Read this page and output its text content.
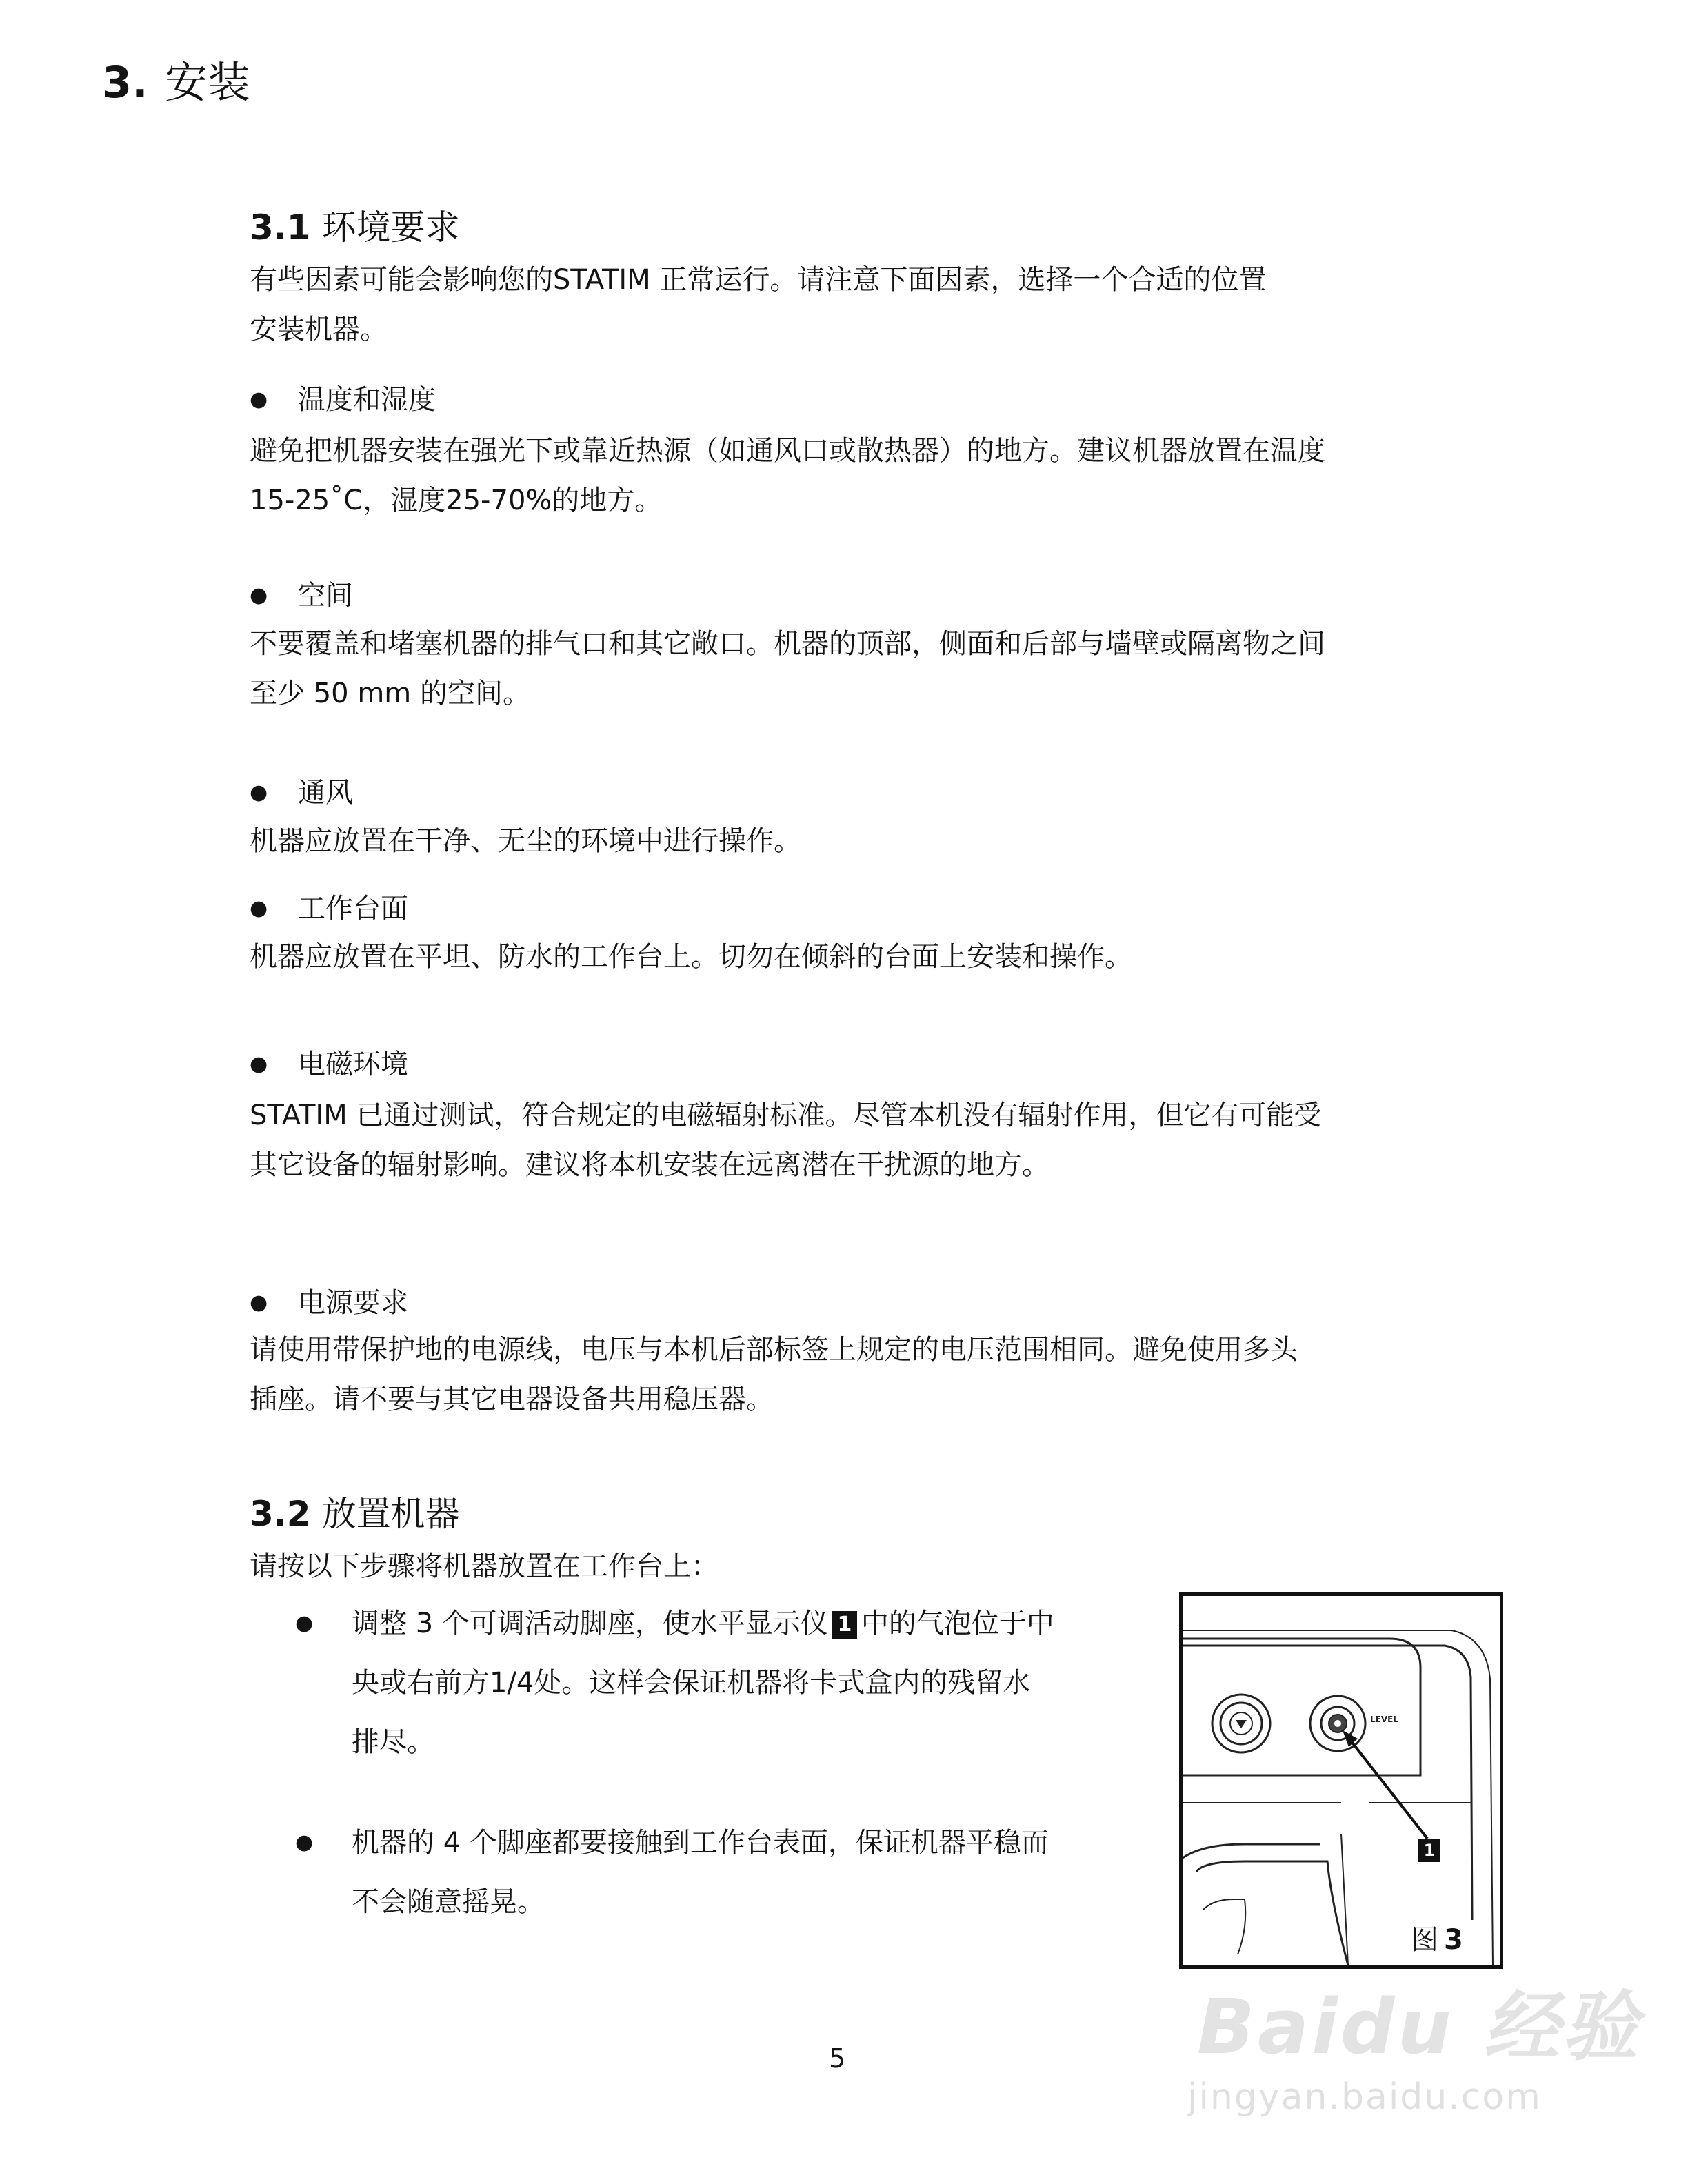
3. 安装
3.1 环境要求
有些因素可能会影响您的STATIM 正常运行。请注意下面因素，选择一个合适的位置
安装机器。
● 温度和湿度
避免把机器安装在强光下或靠近热源（如通风口或散热器）的地方。建议机器放置在温度
15-25˚C，湿度25-70%的地方。
● 空间
不要覆盖和堵塞机器的排气口和其它敞口。机器的顶部，侧面和后部与墙壁或隔离物之间
至少 50 mm 的空间。
● 通风
机器应放置在干净、无尘的环境中进行操作。
● 工作台面
机器应放置在平坦、防水的工作台上。切勿在倾斜的台面上安装和操作。
● 电磁环境
STATIM 已通过测试，符合规定的电磁辐射标准。尽管本机没有辐射作用，但它有可能受
其它设备的辐射影响。建议将本机安装在远离潜在干扰源的地方。
● 电源要求
请使用带保护地的电源线，电压与本机后部标签上规定的电压范围相同。避免使用多头
插座。请不要与其它电器设备共用稳压器。
3.2 放置机器
请按以下步骤将机器放置在工作台上：
● 调整 3 个可调活动脚座，使水平显示仪 1 中的气泡位于中
央或右前方1/4处。这样会保证机器将卡式盒内的残留水
排尽。
● 机器的 4 个脚座都要接触到工作台表面，保证机器平稳而
不会随意摇晃。
LEVEL
1
图 3
5	Baidu 经验
jingyan.baidu.com
